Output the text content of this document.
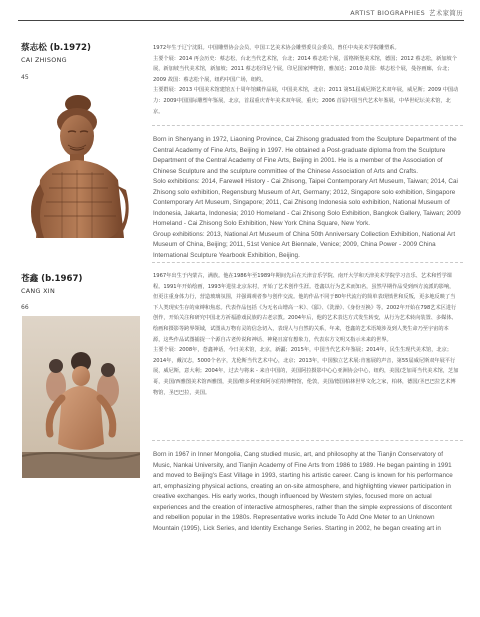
ARTIST BIOGRAPHIES 艺术家简历
蔡志松 (b.1972)
CAI ZHISONG
45

1972年生于辽宁沈阳。中国雕塑协会会员，中国工艺美术协会雕塑委员会委员，曾任中央美术学院雕塑系。

主要个展：2014 再会历史：蔡志松，台北当代艺术馆，台北；2014 蔡志松个展，雷格斯堡美术馆，德国；2012 蔡志松，新加坡个展，新加坡当代美术馆，新加坡；2011 蔡志松印尼个展，印尼国家博物馆，雅加达；2010 故国：蔡志松个展，曼谷画廊，台北；2009 故国：蔡志松个展，纽约中国广场，纽约。

主要群展：2013 中国美术馆建馆五十周年馆藏作品展，中国美术馆，北京；2011 第51届威尼斯艺术双年展，威尼斯；2009 中国动力：2009中国国际雕塑年鉴展，北京，首届重庆青年美术双年展，重庆；2006 首届中国当代艺术年鉴展，中华世纪坛美术馆，北京。

Born in Shenyang in 1972, Liaoning Province, Cai Zhisong graduated from the Sculpture Department of the Central Academy of Fine Arts, Beijing in 1997. He obtained a Post-graduate diploma from the Sculpture Department of the Central Academy of Fine Arts, Beijing in 2001. He is a member of the Association of Chinese Sculpture and the sculpture committee of the Chinese Association of Arts and Crafts.

Solo exhibitions: 2014, Farewell History - Cai Zhisong, Taipei Contemporary Art Museum, Taiwan; 2014, Cai Zhisong solo exhibition, Regensburg Museum of Art, Germany; 2012, Singapore solo exhibition, Singapore Contemporary Art Museum, Singapore; 2011, Cai Zhisong Indonesia solo exhibition, National Museum of Indonesia, Jakarta, Indonesia; 2010 Homeland - Cai Zhisong Solo Exhibition, Bangkok Gallery, Taiwan; 2009 Homeland - Cai Zhisong Solo Exhibition, New York China Square, New York.

Group exhibitions: 2013, National Art Museum of China 50th Anniversary Collection Exhibition, National Art Museum of China, Beijing; 2011, 51st Venice Art Biennale, Venice; 2009, China Power - 2009 China International Sculpture Yearbook Exhibition, Beijing.

苍鑫 (b.1967)
CANG XIN
66

1967年出生于内蒙古，满族。他在1986年至1989年期间先后在天津音乐学院、南开大学和天津美术学院学习音乐、艺术和哲学课程。1991年开始绘画，1993年进驻北京东村，开始了艺术创作生涯。苍鑫以行为艺术而知名，虽然早期作品受到西方流派的影响，但更注重身体力行，营造玻璃氛围，并强调观者参与创作交流。他的作品不同于80年代流行的简单表现愤世和反叛，更多地反映了当下人类现实生存的束缚和焦虑。代表作品包括《为无名山增高一米》、《舔》、《洗澡》、《身份互换》等。2002年开始在798艺术区进行创作，开始关注和研究中国北方祈福游戏民族的古老宗教。2004年后，他的艺术表达方式发生转变，从行为艺术转向装置、多媒体、绘画和摄影等跨界领域，试图从万物有灵的信念切入，表现人与自然的关系，年来，苍鑫的艺术语境涉及到人类生命乃至宇宙的本源，这些作品试图捕捉一个源自古老传说和神话、神秘且富有想象力，代表东方文明又指示未来的世界。

主要个展：2008年，苍鑫神话，今日美术馆，北京，新疆；2015年，中国当代艺术年鉴展；2014年，民生生现代美术馆，北京；2014年，戴汉志，5000个名字，尤伦斯当代艺术中心，北京；2013年，中国独立艺术展:肯塞展的声音，第55届威尼斯双年展平行展，威尼斯，意大利；2004年，过去与将来 - 来自中国的，美国阿拉摄影中心心亚洲协会中心，纽约，美国/芝加哥当代美术馆，芝加哥，美国/西雅图美术馆西雅图，美国/维多利亚和阿尔伯特博物馆，伦敦，美国/德国柏林世界文化之家，柏林，德国/圣巴巴拉艺术博物馆，圣巴巴拉，美国。

Born in 1967 in Inner Mongolia, Cang studied music, art, and philosophy at the Tianjin Conservatory of Music, Nankai University, and Tianjin Academy of Fine Arts from 1986 to 1989. He began painting in 1991 and moved to Beijing's East Village in 1993, starting his artistic career. Cang is known for his performance art, emphasizing physical actions, creating an on-site atmosphere, and highlighting viewer participation in creative exchanges. His early works, though influenced by Western styles, focused more on actual experiences and the creation of interactive atmospheres, rather than the simple expressions of discontent and rebellion popular in the 1980s. Representative works include To Add One Meter to an Unknown Mountain (1995), Lick Series, and Identity Exchange Series. Starting in 2002, he began creating art in
